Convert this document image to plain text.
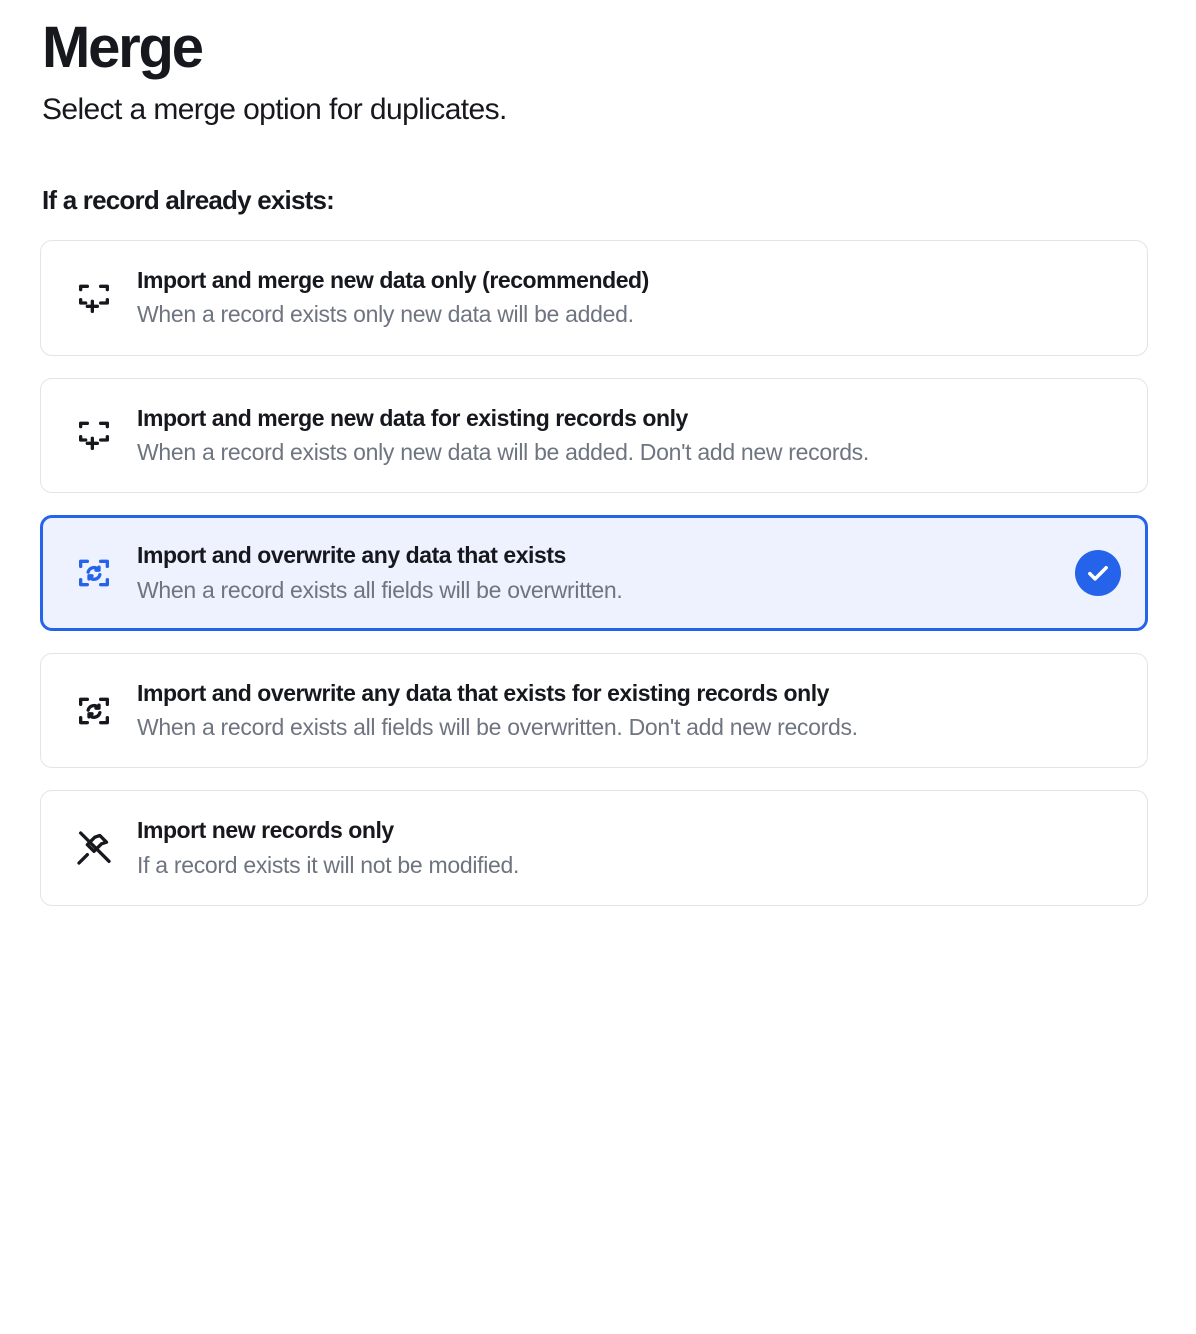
Merge

Select a merge option for duplicates.

If a record already exists:
Import and merge new data only (recommended)
When a record exists only new data will be added.
Import and merge new data for existing records only
When a record exists only new data will be added. Don't add new records.
Import and overwrite any data that exists
When a record exists all fields will be overwritten.
Import and overwrite any data that exists for existing records only
When a record exists all fields will be overwritten. Don't add new records.
Import new records only
If a record exists it will not be modified.
